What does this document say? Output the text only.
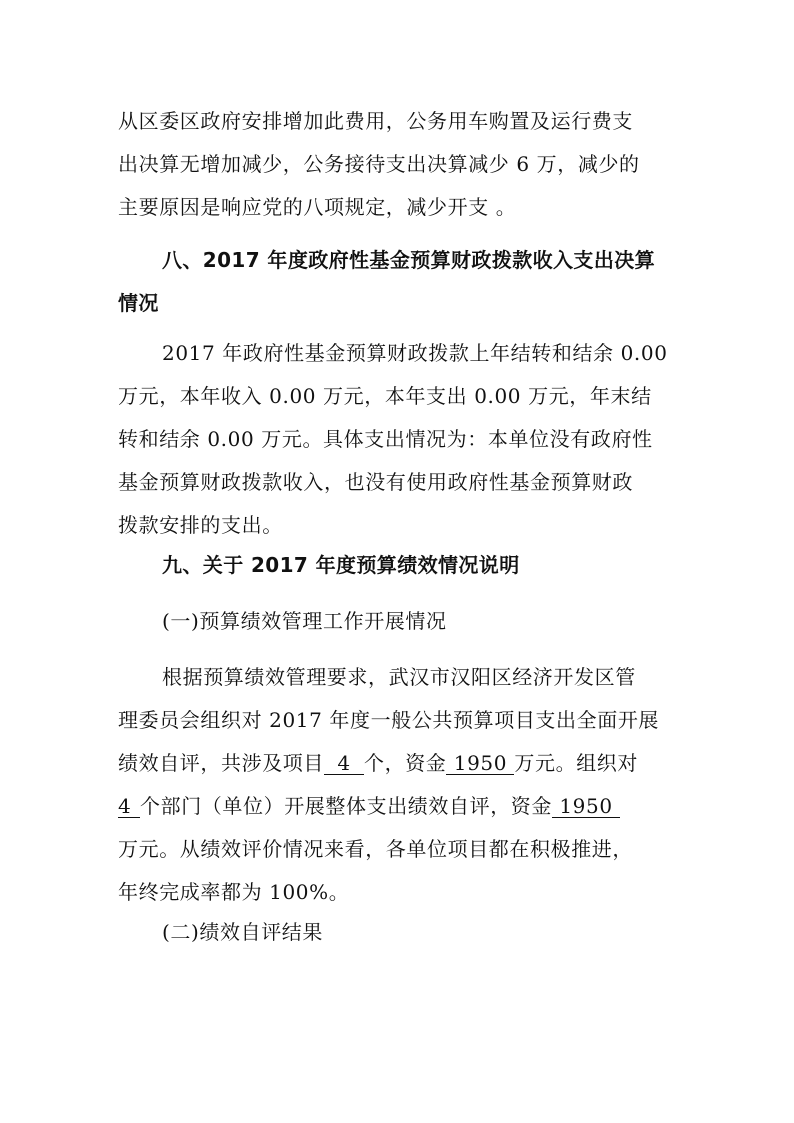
从区委区政府安排增加此费用，公务用车购置及运行费支
出决算无增加减少，公务接待支出决算减少 6 万，减少的
主要原因是响应党的八项规定，减少开支 。
八、2017 年度政府性基金预算财政拨款收入支出决算
情况
2017 年政府性基金预算财政拨款上年结转和结余 0.00
万元，本年收入 0.00 万元，本年支出 0.00 万元，年末结
转和结余 0.00 万元。具体支出情况为：本单位没有政府性
基金预算财政拨款收入，也没有使用政府性基金预算财政
拨款安排的支出。
九、关于 2017 年度预算绩效情况说明
(一)预算绩效管理工作开展情况
根据预算绩效管理要求，武汉市汉阳区经济开发区管
理委员会组织对 2017 年度一般公共预算项目支出全面开展
绩效自评，共涉及项目 4 个，资金 1950 万元。组织对
4 个部门（单位）开展整体支出绩效自评，资金 1950
万元。从绩效评价情况来看，各单位项目都在积极推进，
年终完成率都为 100%。
(二)绩效自评结果
